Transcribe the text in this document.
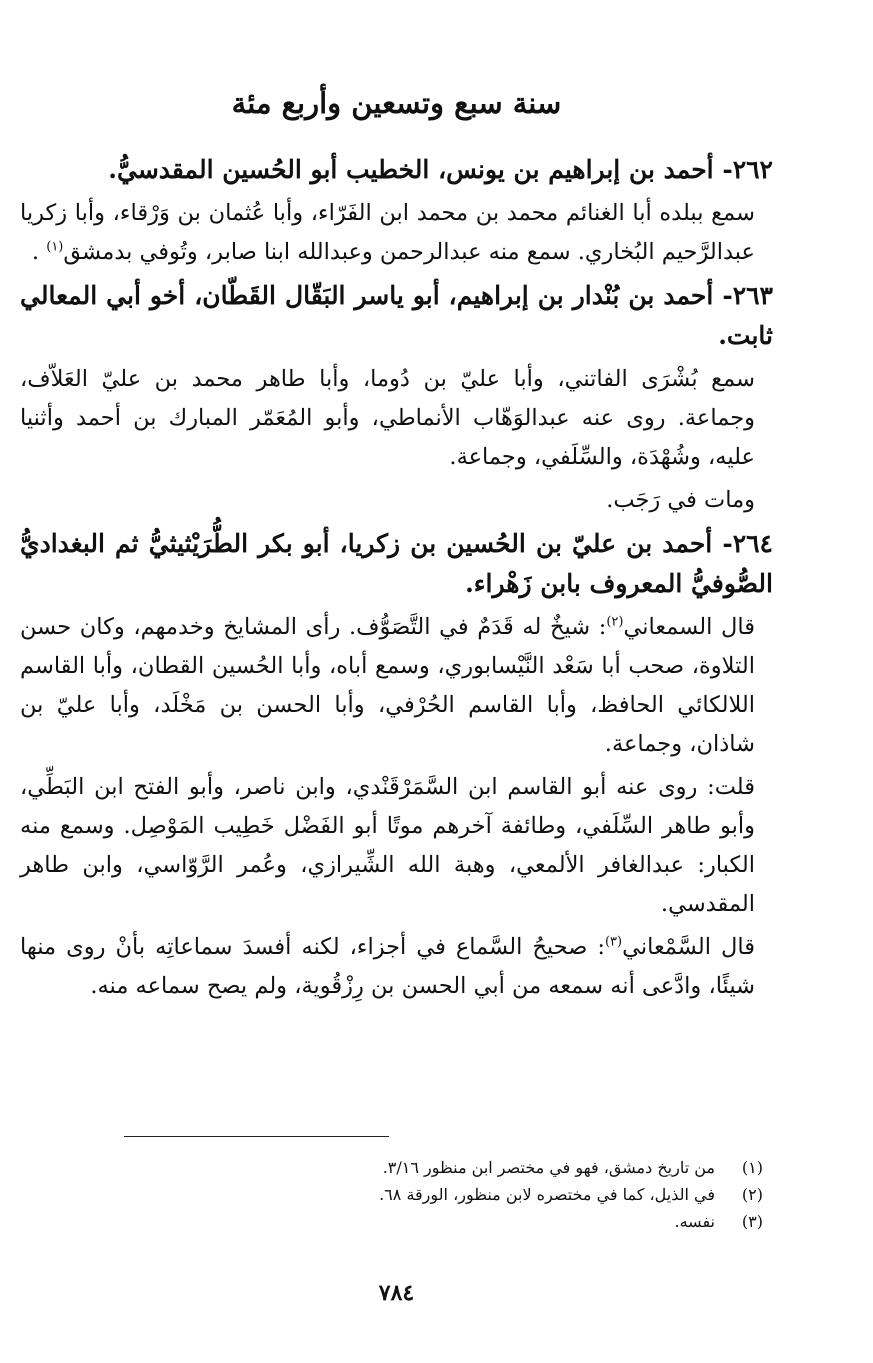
سنة سبع وتسعين وأربع مئة

٢٦٢- أحمد بن إبراهيم بن يونس، الخطيب أبو الحُسين المقدسيُّ.

سمع ببلده أبا الغنائم محمد بن محمد ابن الفَرّاء، وأبا عُثمان بن وَرْقاء، وأبا زكريا عبدالرَّحيم البُخاري. سمع منه عبدالرحمن وعبدالله ابنا صابر، وتُوفي بدمشق$^{(١)}$ .

٢٦٣- أحمد بن بُنْدار بن إبراهيم، أبو ياسر البَقّال القَطّان، أخو أبي المعالي ثابت.

سمع بُشْرَى الفاتني، وأبا عليّ بن دُوما، وأبا طاهر محمد بن عليّ العَلاّف، وجماعة. روى عنه عبدالوَهّاب الأنماطي، وأبو المُعَمّر المبارك بن أحمد وأثنيا عليه، وشُهْدَة، والسِّلَفي، وجماعة.

ومات في رَجَب.

٢٦٤- أحمد بن عليّ بن الحُسين بن زكريا، أبو بكر الطُّرَيْثيثيُّ ثم البغداديُّ الصُّوفيُّ المعروف بابن زَهْراء.

قال السمعاني$^{(٢)}$: شيخٌ له قَدَمٌ في التَّصَوُّف. رأى المشايخ وخدمهم، وكان حسن التلاوة، صحب أبا سَعْد النَّيْسابوري، وسمع أباه، وأبا الحُسين القطان، وأبا القاسم اللالكائي الحافظ، وأبا القاسم الحُرْفي، وأبا الحسن بن مَخْلَد، وأبا عليّ بن شاذان، وجماعة.

قلت: روى عنه أبو القاسم ابن السَّمَرْقَنْدي، وابن ناصر، وأبو الفتح ابن البَطِّي، وأبو طاهر السِّلَفي، وطائفة آخرهم موتًا أبو الفَضْل خَطِيب المَوْصِل. وسمع منه الكبار: عبدالغافر الألمعي، وهبة الله الشِّيرازي، وعُمر الرَّوّاسي، وابن طاهر المقدسي.

قال السَّمْعاني$^{(٣)}$: صحيحُ السَّماع في أجزاء، لكنه أفسدَ سماعاتِه بأنْ روى منها شيئًا، وادَّعى أنه سمعه من أبي الحسن بن رِزْقُوية، ولم يصح سماعه منه.

(١)
من تاريخ دمشق، فهو في مختصر ابن منظور ٣/١٦.
(٢)
في الذيل، كما في مختصره لابن منظور، الورقة ٦٨.
(٣)
نفسه.
٧٨٤
